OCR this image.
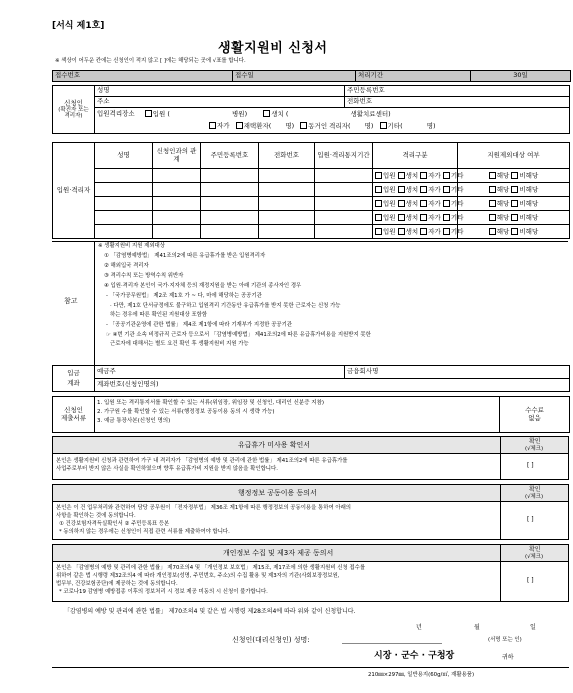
[서식 제1호]
생활지원비 신청서
※ 색상이 어두운 칸에는 신청인이 적지 않고 [ ]에는 해당되는 곳에 √표를 합니다.
접수번호	접수일	처리기간	30일
신청인
(확진자 또는 격리자)	성명	주민등록번호
	주소	전화번호

	입원격리장소 입원 ( 병원) 생치 ( 생활치료센터)
자가 재택환자( 명) 동거인 격리자( 명) 기타( 명)	
입원·격리자	성명	신청인과의 관계	주민등록번호	전화번호	입원·격리통지기간	격리구분	지원제외대상 여부
						입원 생치 자가 기타	해당 비해당
						입원 생치 자가 기타	해당 비해당
						입원 생치 자가 기타	해당 비해당
						입원 생치 자가 기타	해당 비해당
						입원 생치 자가 기타	해당 비해당
참고
※ 생활지원비 지원 제외대상
① 「감염병예방법」 제41조의2에 따른 유급휴가를 받은 입원격리자
② 해외입국 격리자
③ 격리수칙 또는 방역수칙 위반자
④ 입원·격리자 본인이 국가·지자체 등의 재정지원을 받는 아래 기관의 종사자인 경우
- 「국가공무원법」 제2조 제1호 가 ~ 다, 마에 해당하는 공공기관
· 다만, 제1호 단서규정에도 불구하고 입원격리 기간동안 유급휴가를 받지 못한 근로자는 신청 가능
하는 경우에 따른 확인된 지원대상 포함함
- 「공공기관운영에 관한 법률」 제4조 제1항에 따라 기재부가 지정한 공공기관
☞ ④번 기관 소속 비정규직 근로자 등으로서 「감염병예방법」 제41조의2에 따른 유급휴가비용을 지원받지 못한
근로자에 대해서는 별도 요건 확인 후 생활지원비 지원 가능
입금
계좌
	예금주	금융회사명
계좌번호(신청인명의)
신청인
제출서류

1. 입원 또는 격리통지서를 확인할 수 있는 서류(위임장, 위임장 및 신청인, 대리인 신분증 지참)
2. 가구원 수를 확인할 수 있는 서류(행정정보 공동이용 동의 시 생략 가능)
3. 예금 통장사본(신청인 명의)

수수료
없음
유급휴가 미사용 확인서	확인
(√체크)
본인은 생활지원비 신청과 관련하여 가구 내 격리자가 「감염병의 예방 및 관리에 관한 법률」 제41조의2에 따른 유급휴가를
사업주로부터 받지 않은 사실을 확인하였으며 향후 유급휴가비 지원을 받지 않음을 확인합니다.	[ ]
행정정보 공동이용 동의서	확인
(√체크)
본인은 이 건 업무처리와 관련하여 담당 공무원이 「전자정부법」 제36조 제1항에 따른 행정정보의 공동이용을 통하여 아래의
사항을 확인하는 것에 동의합니다.
① 건강보험자격득실확인서 ② 주민등록표 등본
* 동의하지 않는 경우에는 신청인이 직접 관련 서류를 제출하여야 합니다.
[ ]
개인정보 수집 및 제3자 제공 동의서	확인
(√체크)
본인은 「감염병의 예방 및 관리에 관한 법률」 제70조의4 및 「개인정보 보호법」 제15조, 제17조에 의한 생활지원비 신청 접수를
위하여 같은 법 시행령 제32조의4 에 따라 개인정보(성명, 주민번호, 주소)의 수집 활용 및 제3자의 기관(사회보장정보원,
법무부, 건강보험공단)에 제공하는 것에 동의합니다.
* 코로나19 감염병 예방접종 이후의 정보처리 시 정보 제공 미동의 시 신청이 불가합니다.
[ ]
「감염병의 예방 및 관리에 관한 법률」 제70조의4 및 같은 법 시행령 제28조의4에 따라 위와 같이 신청합니다.
년	월	일
신청인(대리신청인) 성명:	(서명 또는 인)
시장 · 군수 · 구청장	귀하
210㎜×297㎜, 일반용지(60g/㎡, 재활용품)
